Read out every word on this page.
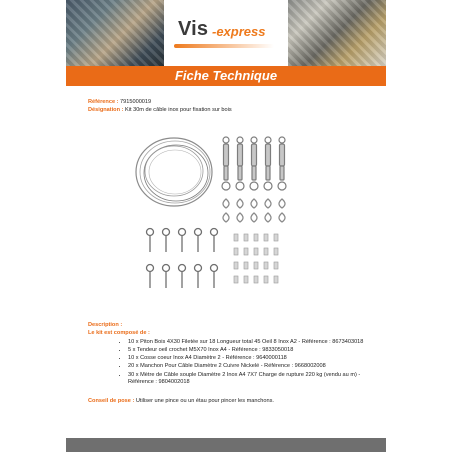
Vis -express
Fiche Technique
Référence : 7915000019
Désignation : Kit 30m de câble inox pour fixation sur bois
Description :
Le kit est composé de :
• 10 x Piton Bois 4X30 Filetée sur 18 Longueur total 45 Oeil 8 Inox A2 - Référence : 8673403018
• 5 x Tendeur oeil crochet M5X70 Inox A4 - Référence : 9833050018
• 10 x Cosse coeur Inox A4 Diamètre 2 - Référence : 9640000118
• 20 x Manchon Pour Câble Diamètre 2 Cuivre Nickelé - Référence : 9668002008
• 30 x Mètre de Câble souple Diamètre 2 Inox A4 7X7 Charge de rupture 220 kg (vendu au m) - Référence : 9804002018
Conseil de pose : Utiliser une pince ou un étau pour pincer les manchons.
